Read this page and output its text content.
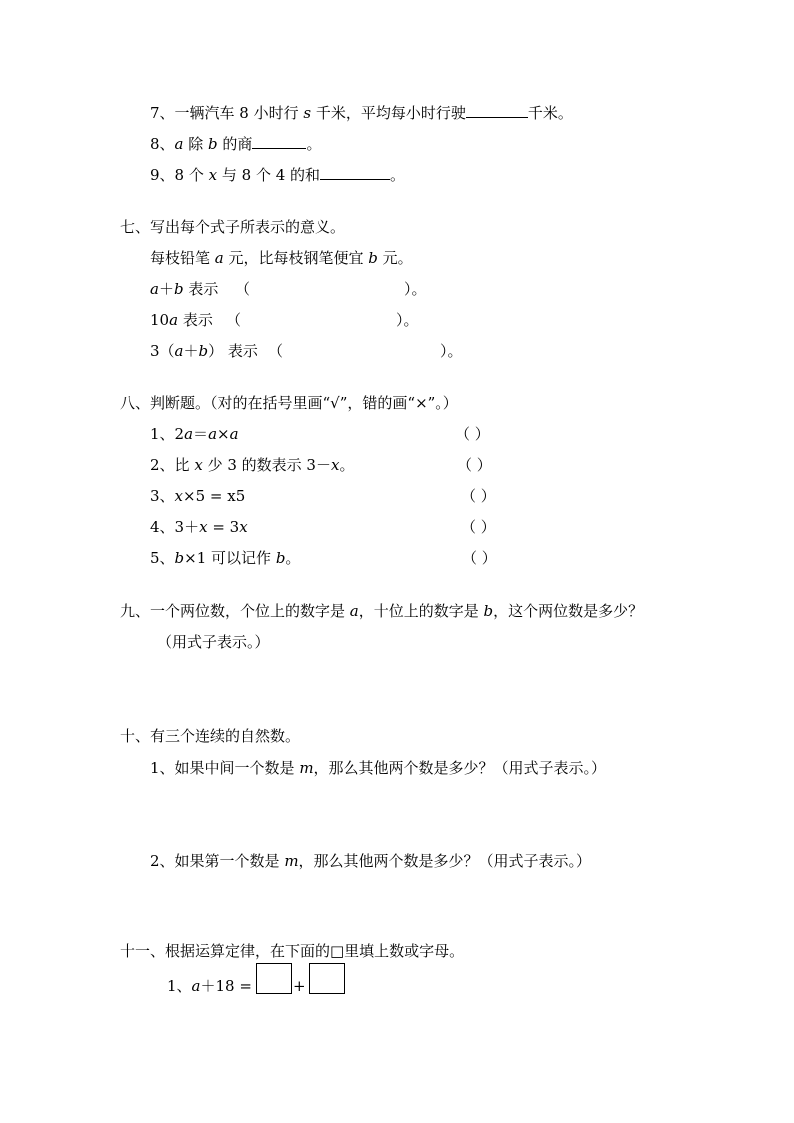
7、一辆汽车 8 小时行 s 千米，平均每小时行驶	千米。
8、a 除 b 的商	。
9、8 个 x 与 8 个 4 的和	。
七、写出每个式子所表示的意义。
每枝铅笔 a 元，比每枝钢笔便宜 b 元。
a＋b 表示 （	）。
10a 表示 （	）。
3（a＋b） 表示 （	）。
八、判断题。（对的在括号里画“√”，错的画“×”。）
1、2a＝a×a	（ ）
2、比 x 少 3 的数表示 3－x。	（ ）
3、x×5 = x5	（ ）
4、3＋x = 3x	（ ）
5、b×1 可以记作 b。	（ ）
九、一个两位数，个位上的数字是 a，十位上的数字是 b，这个两位数是多少？
（用式子表示。）
十、有三个连续的自然数。
1、如果中间一个数是 m，那么其他两个数是多少？（用式子表示。）
2、如果第一个数是 m，那么其他两个数是多少？（用式子表示。）
十一、根据运算定律，在下面的□里填上数或字母。
1、a＋18 =	+
